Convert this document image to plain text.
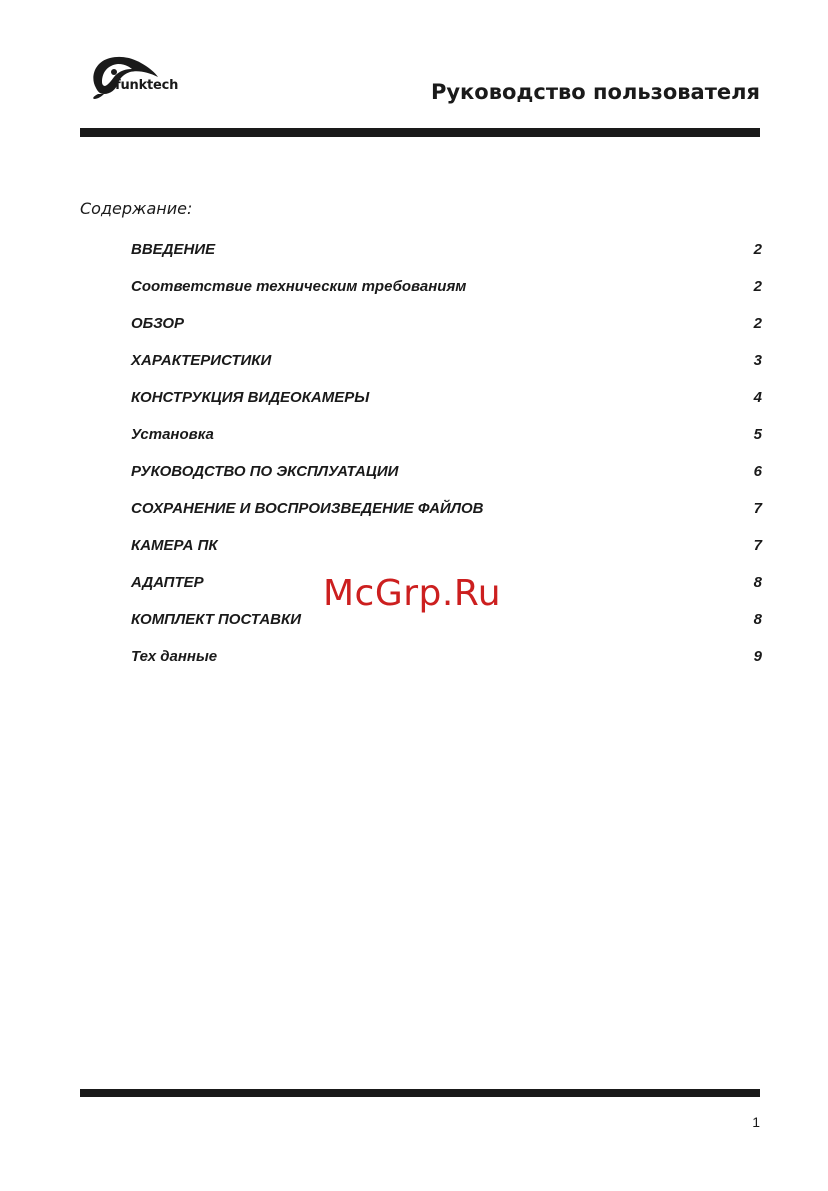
funktech	Руководство пользователя
Содержание:
ВВЕДЕНИЕ	2
Соответствие техническим требованиям	2
ОБЗОР	2
ХАРАКТЕРИСТИКИ	3
КОНСТРУКЦИЯ ВИДЕОКАМЕРЫ	4
Установка	5
РУКОВОДСТВО ПО ЭКСПЛУАТАЦИИ	6
СОХРАНЕНИЕ И ВОСПРОИЗВЕДЕНИЕ ФАЙЛОВ	7
КАМЕРА ПК	7
АДАПТЕР	8
КОМПЛЕКТ ПОСТАВКИ	8
Тех данные	9
McGrp.Ru
1
